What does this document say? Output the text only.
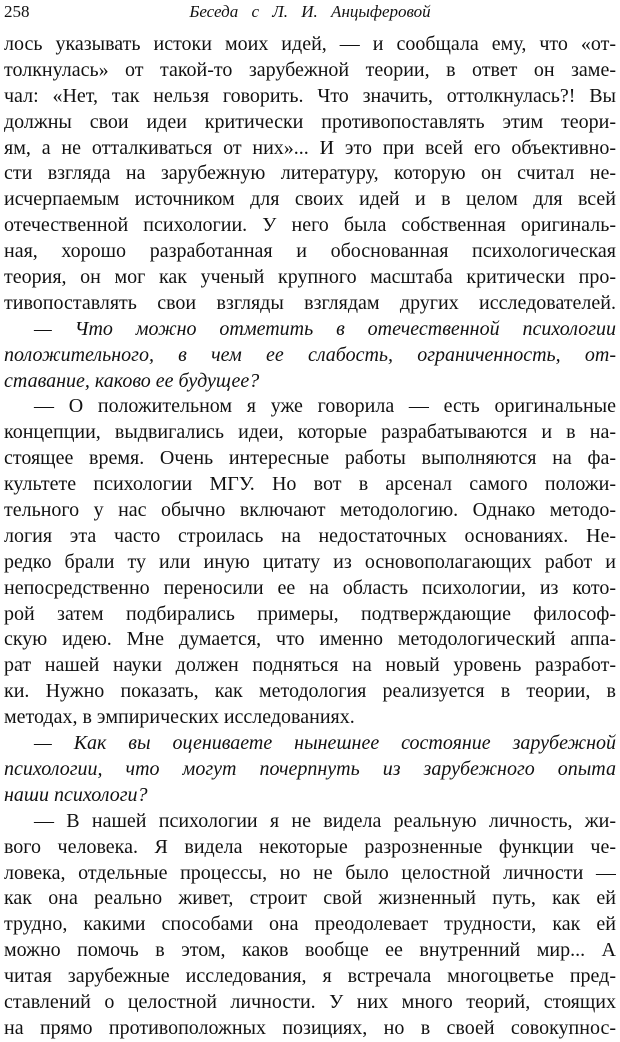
258	Беседа с Л. И. Анцыферовой
лось указывать истоки моих идей, — и сообщала ему, что «от-
толкнулась» от такой-то зарубежной теории, в ответ он заме-
чал: «Нет, так нельзя говорить. Что значить, оттолкнулась?! Вы
должны свои идеи критически противопоставлять этим теори-
ям, а не отталкиваться от них»... И это при всей его объективно-
сти взгляда на зарубежную литературу, которую он считал не-
исчерпаемым источником для своих идей и в целом для всей
отечественной психологии. У него была собственная оригиналь-
ная, хорошо разработанная и обоснованная психологическая
теория, он мог как ученый крупного масштаба критически про-
тивопоставлять свои взгляды взглядам других исследователей.
— Что можно отметить в отечественной психологии
положительного, в чем ее слабость, ограниченность, от-
ставание, каково ее будущее?
— О положительном я уже говорила — есть оригинальные
концепции, выдвигались идеи, которые разрабатываются и в на-
стоящее время. Очень интересные работы выполняются на фа-
культете психологии МГУ. Но вот в арсенал самого положи-
тельного у нас обычно включают методологию. Однако методо-
логия эта часто строилась на недостаточных основаниях. Не-
редко брали ту или иную цитату из основополагающих работ и
непосредственно переносили ее на область психологии, из кото-
рой затем подбирались примеры, подтверждающие философ-
скую идею. Мне думается, что именно методологический аппа-
рат нашей науки должен подняться на новый уровень разработ-
ки. Нужно показать, как методология реализуется в теории, в
методах, в эмпирических исследованиях.
— Как вы оцениваете нынешнее состояние зарубежной
психологии, что могут почерпнуть из зарубежного опыта
наши психологи?
— В нашей психологии я не видела реальную личность, жи-
вого человека. Я видела некоторые разрозненные функции че-
ловека, отдельные процессы, но не было целостной личности —
как она реально живет, строит свой жизненный путь, как ей
трудно, какими способами она преодолевает трудности, как ей
можно помочь в этом, каков вообще ее внутренний мир... А
читая зарубежные исследования, я встречала многоцветье пред-
ставлений о целостной личности. У них много теорий, стоящих
на прямо противоположных позициях, но в своей совокупнос-
